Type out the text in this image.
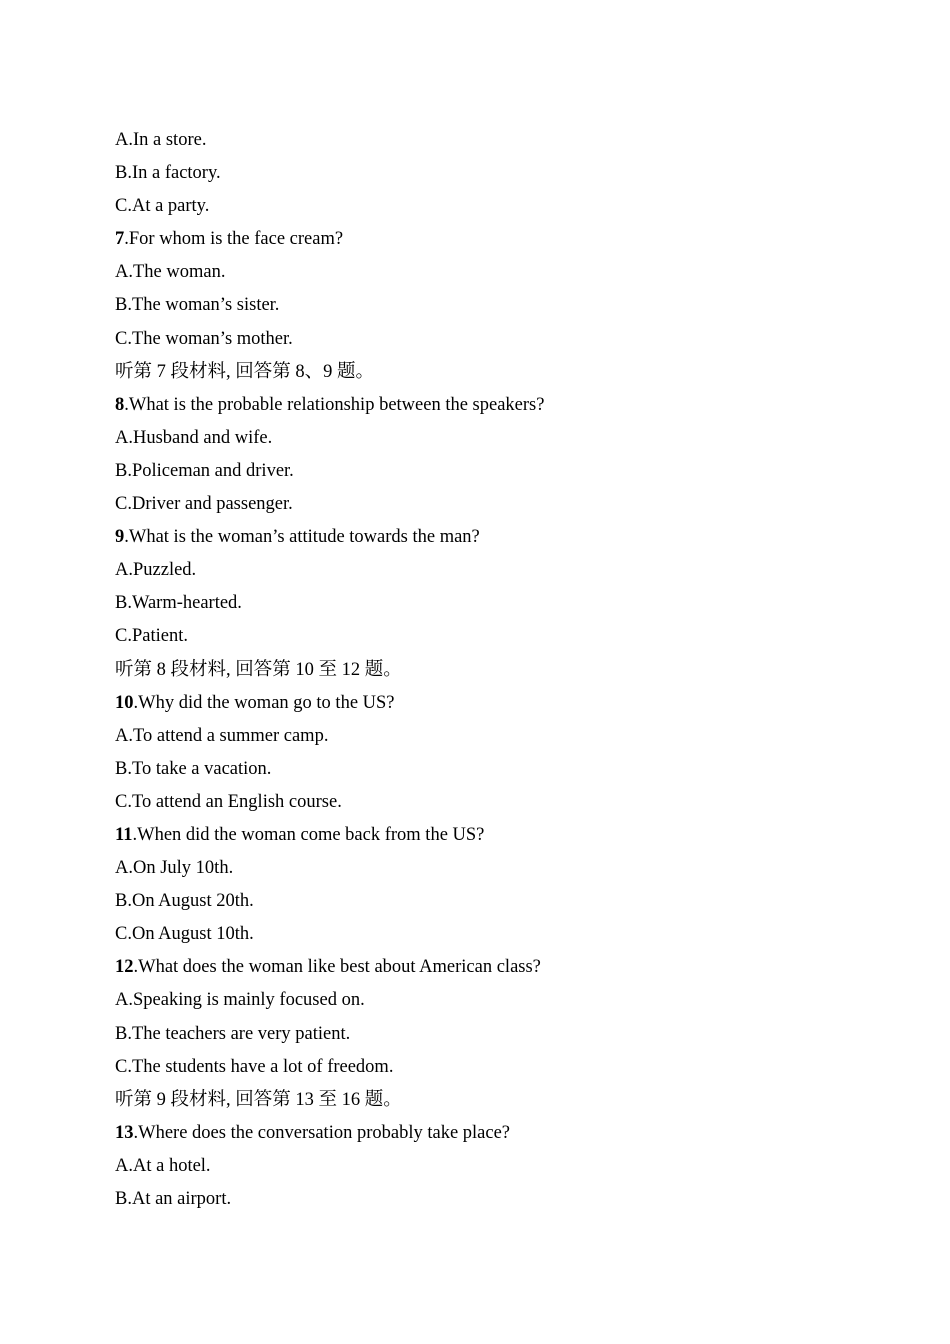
A.In a store.
B.In a factory.
C.At a party.
7.For whom is the face cream?
A.The woman.
B.The woman’s sister.
C.The woman’s mother.
听第 7 段材料, 回答第 8、9 题。
8.What is the probable relationship between the speakers?
A.Husband and wife.
B.Policeman and driver.
C.Driver and passenger.
9.What is the woman’s attitude towards the man?
A.Puzzled.
B.Warm-hearted.
C.Patient.
听第 8 段材料, 回答第 10 至 12 题。
10.Why did the woman go to the US?
A.To attend a summer camp.
B.To take a vacation.
C.To attend an English course.
11.When did the woman come back from the US?
A.On July 10th.
B.On August 20th.
C.On August 10th.
12.What does the woman like best about American class?
A.Speaking is mainly focused on.
B.The teachers are very patient.
C.The students have a lot of freedom.
听第 9 段材料, 回答第 13 至 16 题。
13.Where does the conversation probably take place?
A.At a hotel.
B.At an airport.
